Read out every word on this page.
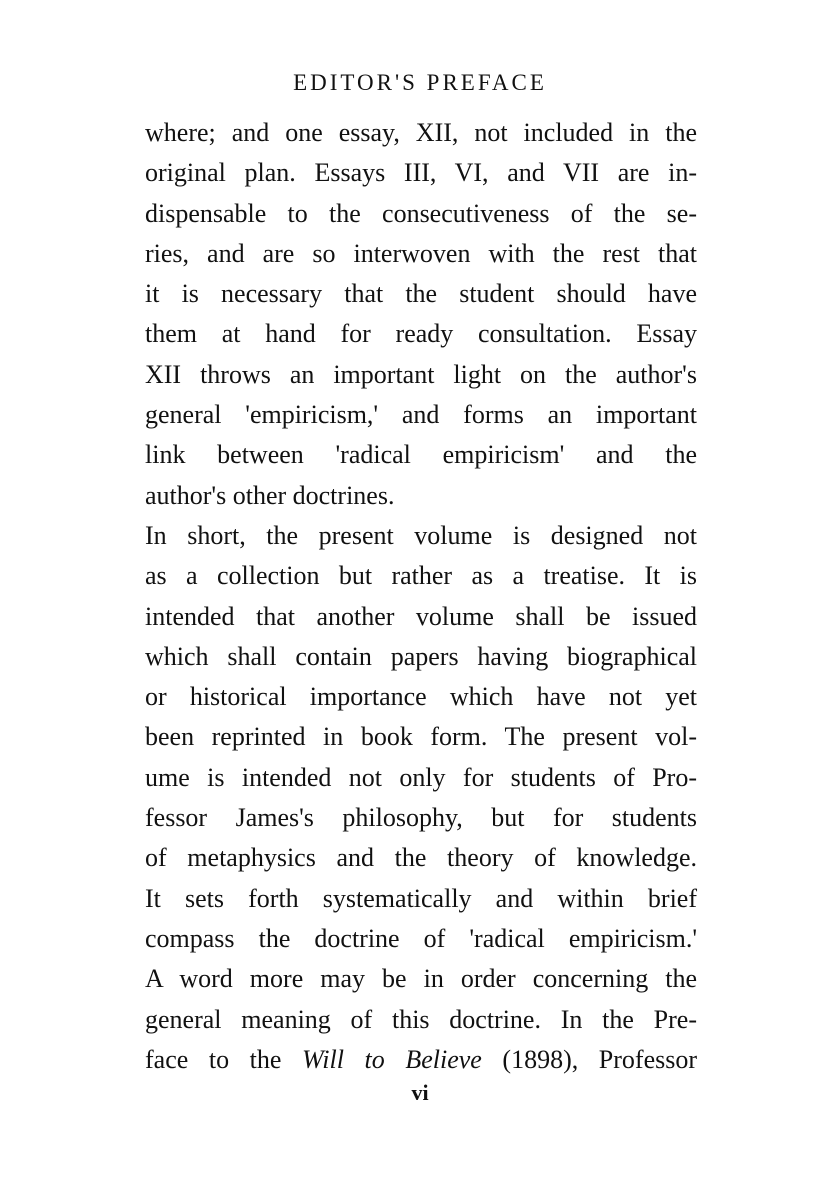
EDITOR'S PREFACE
where; and one essay, XII, not included in the
original plan. Essays III, VI, and VII are in-
dispensable to the consecutiveness of the se-
ries, and are so interwoven with the rest that
it is necessary that the student should have
them at hand for ready consultation. Essay
XII throws an important light on the author's
general 'empiricism,' and forms an important
link between 'radical empiricism' and the
author's other doctrines.
In short, the present volume is designed not
as a collection but rather as a treatise. It is
intended that another volume shall be issued
which shall contain papers having biographical
or historical importance which have not yet
been reprinted in book form. The present vol-
ume is intended not only for students of Pro-
fessor James's philosophy, but for students
of metaphysics and the theory of knowledge.
It sets forth systematically and within brief
compass the doctrine of 'radical empiricism.'
A word more may be in order concerning the
general meaning of this doctrine. In the Pre-
face to the Will to Believe (1898), Professor
vi
